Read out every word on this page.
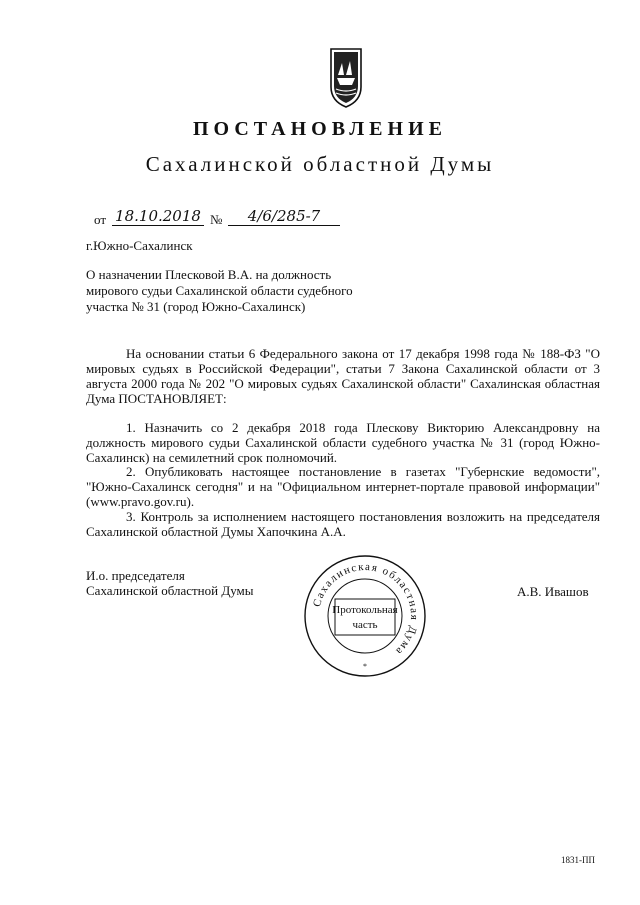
ПОСТАНОВЛЕНИЕ
Сахалинской областной Думы
от 18.10.2018 №	4/6/285-7
г.Южно-Сахалинск
О назначении Плесковой В.А. на должность мирового судьи Сахалинской области судебного участка № 31 (город Южно-Сахалинск)

На основании статьи 6 Федерального закона от 17 декабря 1998 года № 188-ФЗ "О мировых судьях в Российской Федерации", статьи 7 Закона Сахалинской области от 3 августа 2000 года № 202 "О мировых судьях Сахалинской области" Сахалинская областная Дума ПОСТАНОВЛЯЕТ:

1. Назначить со 2 декабря 2018 года Плескову Викторию Александровну на должность мирового судьи Сахалинской области судебного участка № 31 (город Южно-Сахалинск) на семилетний срок полномочий.

2. Опубликовать настоящее постановление в газетах "Губернские ведомости", "Южно-Сахалинск сегодня" и на "Официальном интернет-портале правовой информации" (www.pravo.gov.ru).

3. Контроль за исполнением настоящего постановления возложить на председателя Сахалинской областной Думы Хапочкина А.А.

И.о. председателя
Сахалинской областной Думы	А.В. Ивашов
Сахалинская областная Дума
Протокольная
часть
*
1831-ПП
